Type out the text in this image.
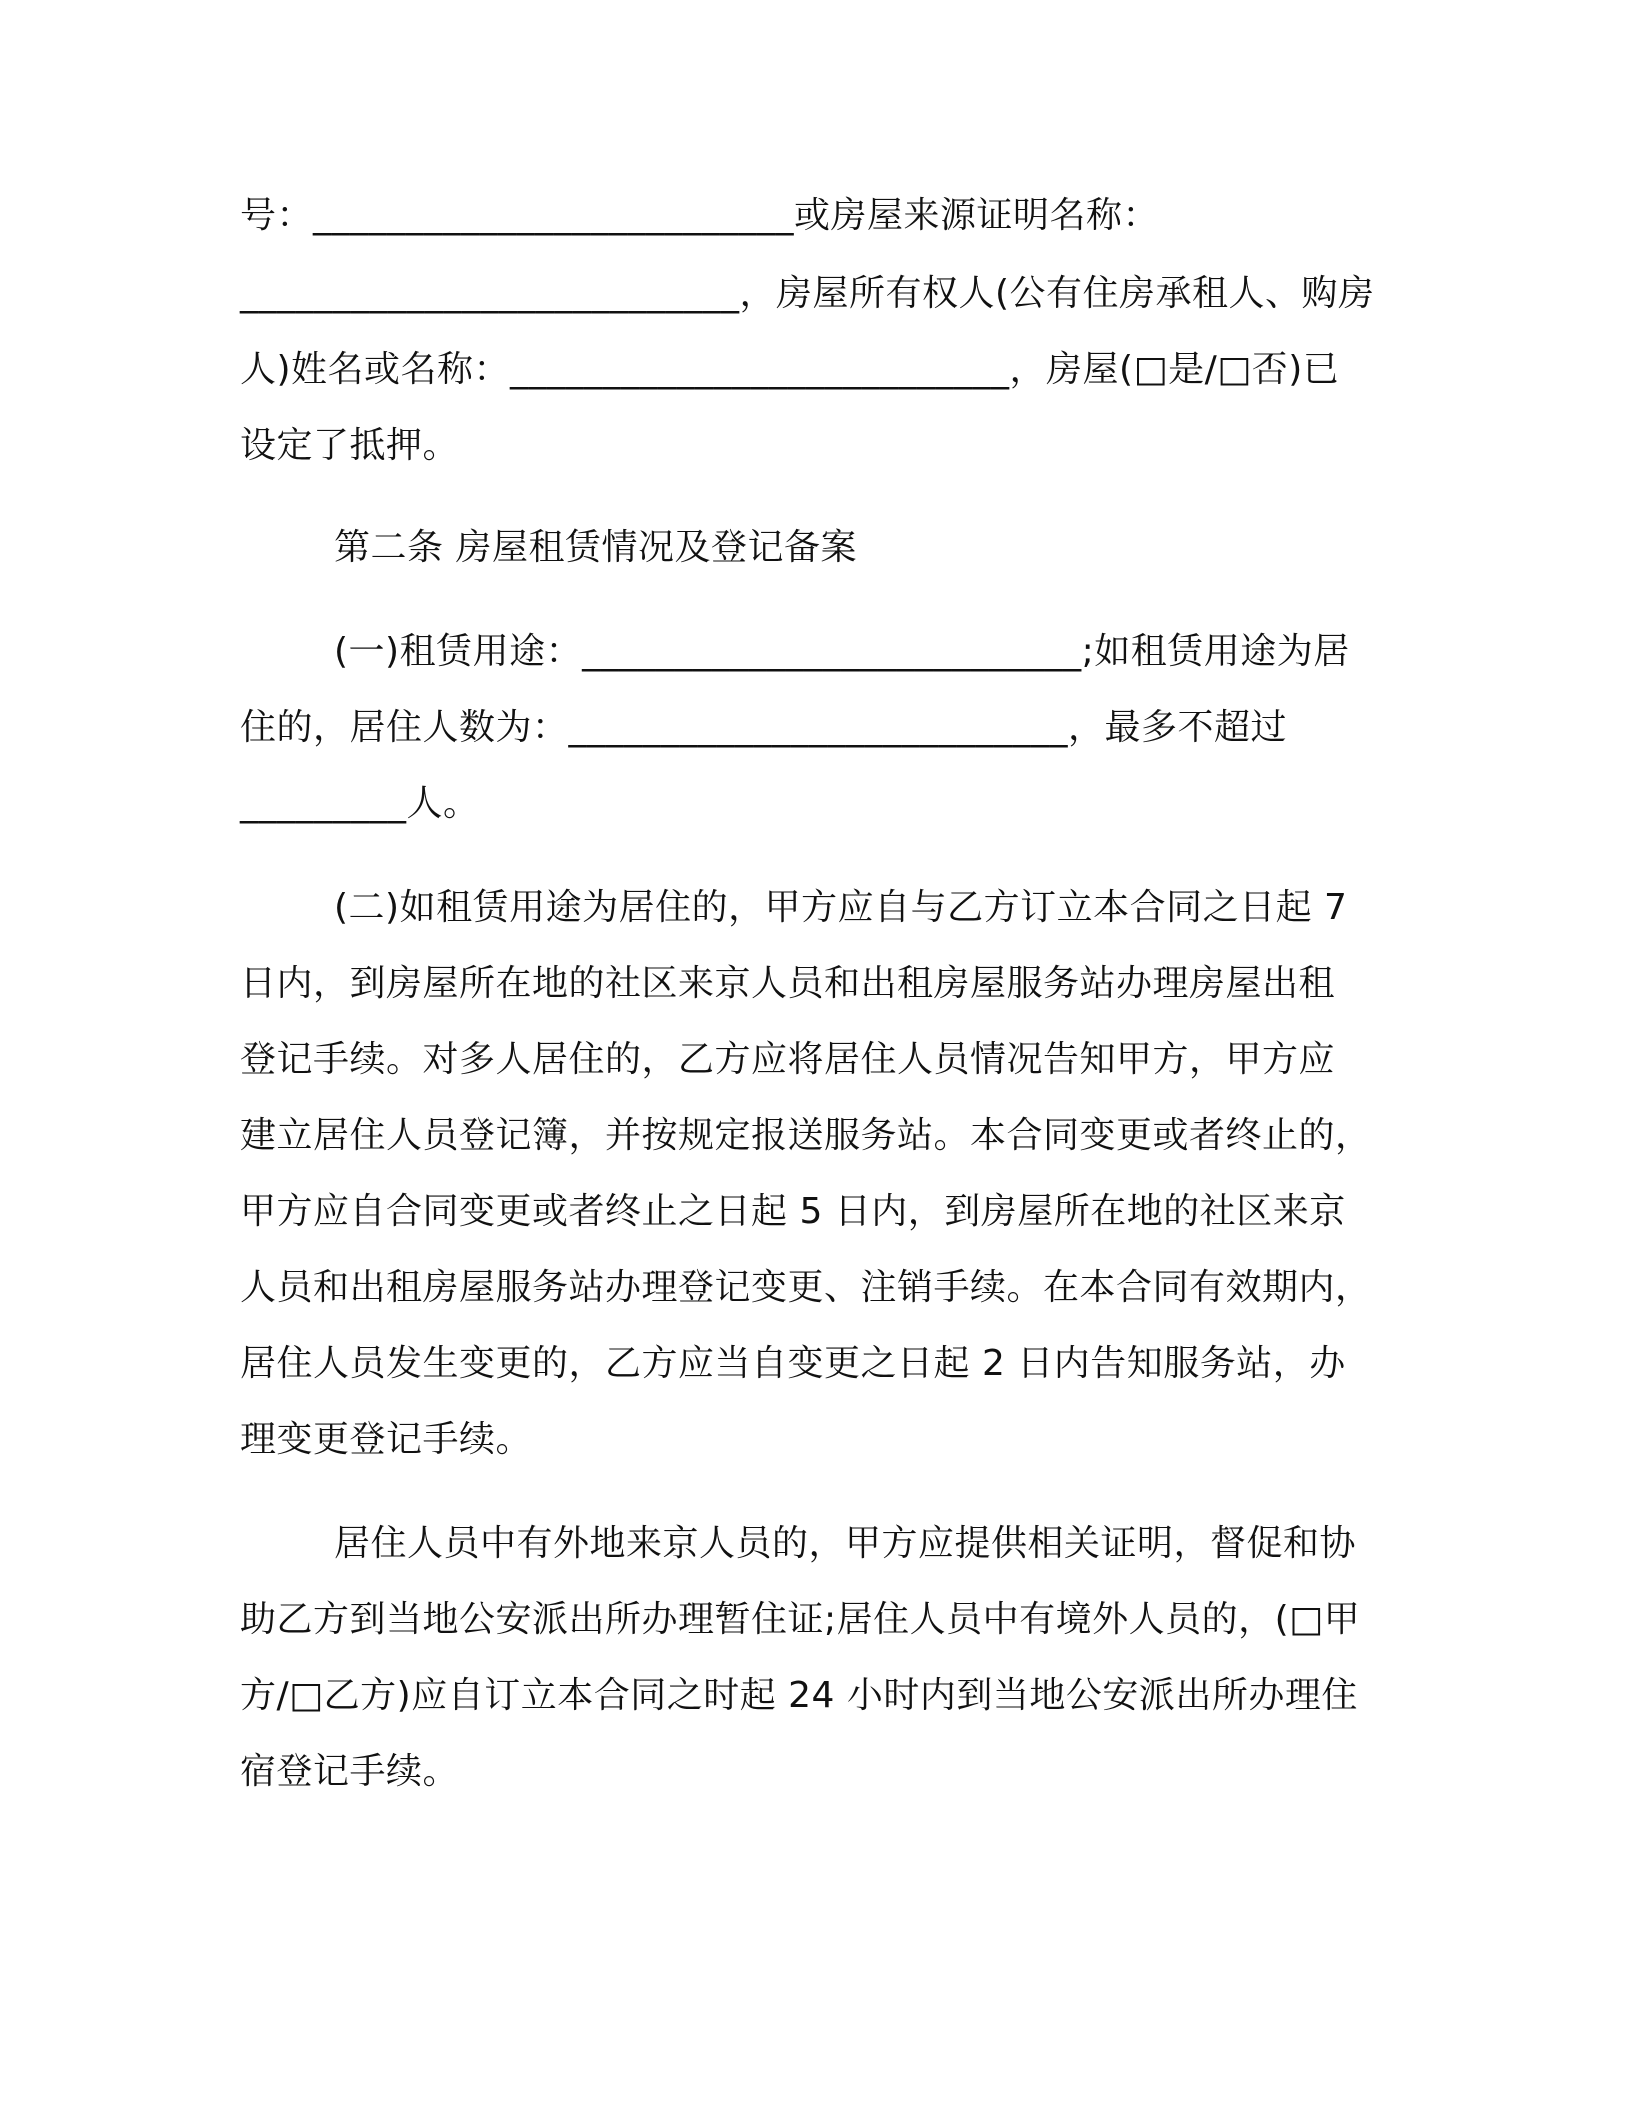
号：__________________________或房屋来源证明名称：
___________________________，房屋所有权人(公有住房承租人、购房
人)姓名或名称：___________________________，房屋(□是/□否)已
设定了抵押。
第二条 房屋租赁情况及登记备案
(一)租赁用途：___________________________;如租赁用途为居
住的，居住人数为：___________________________，最多不超过
_________人。
(二)如租赁用途为居住的，甲方应自与乙方订立本合同之日起 7
日内，到房屋所在地的社区来京人员和出租房屋服务站办理房屋出租
登记手续。对多人居住的，乙方应将居住人员情况告知甲方，甲方应
建立居住人员登记簿，并按规定报送服务站。本合同变更或者终止的，
甲方应自合同变更或者终止之日起 5 日内，到房屋所在地的社区来京
人员和出租房屋服务站办理登记变更、注销手续。在本合同有效期内，
居住人员发生变更的，乙方应当自变更之日起 2 日内告知服务站，办
理变更登记手续。
居住人员中有外地来京人员的，甲方应提供相关证明，督促和协
助乙方到当地公安派出所办理暂住证;居住人员中有境外人员的，(□甲
方/□乙方)应自订立本合同之时起 24 小时内到当地公安派出所办理住
宿登记手续。
